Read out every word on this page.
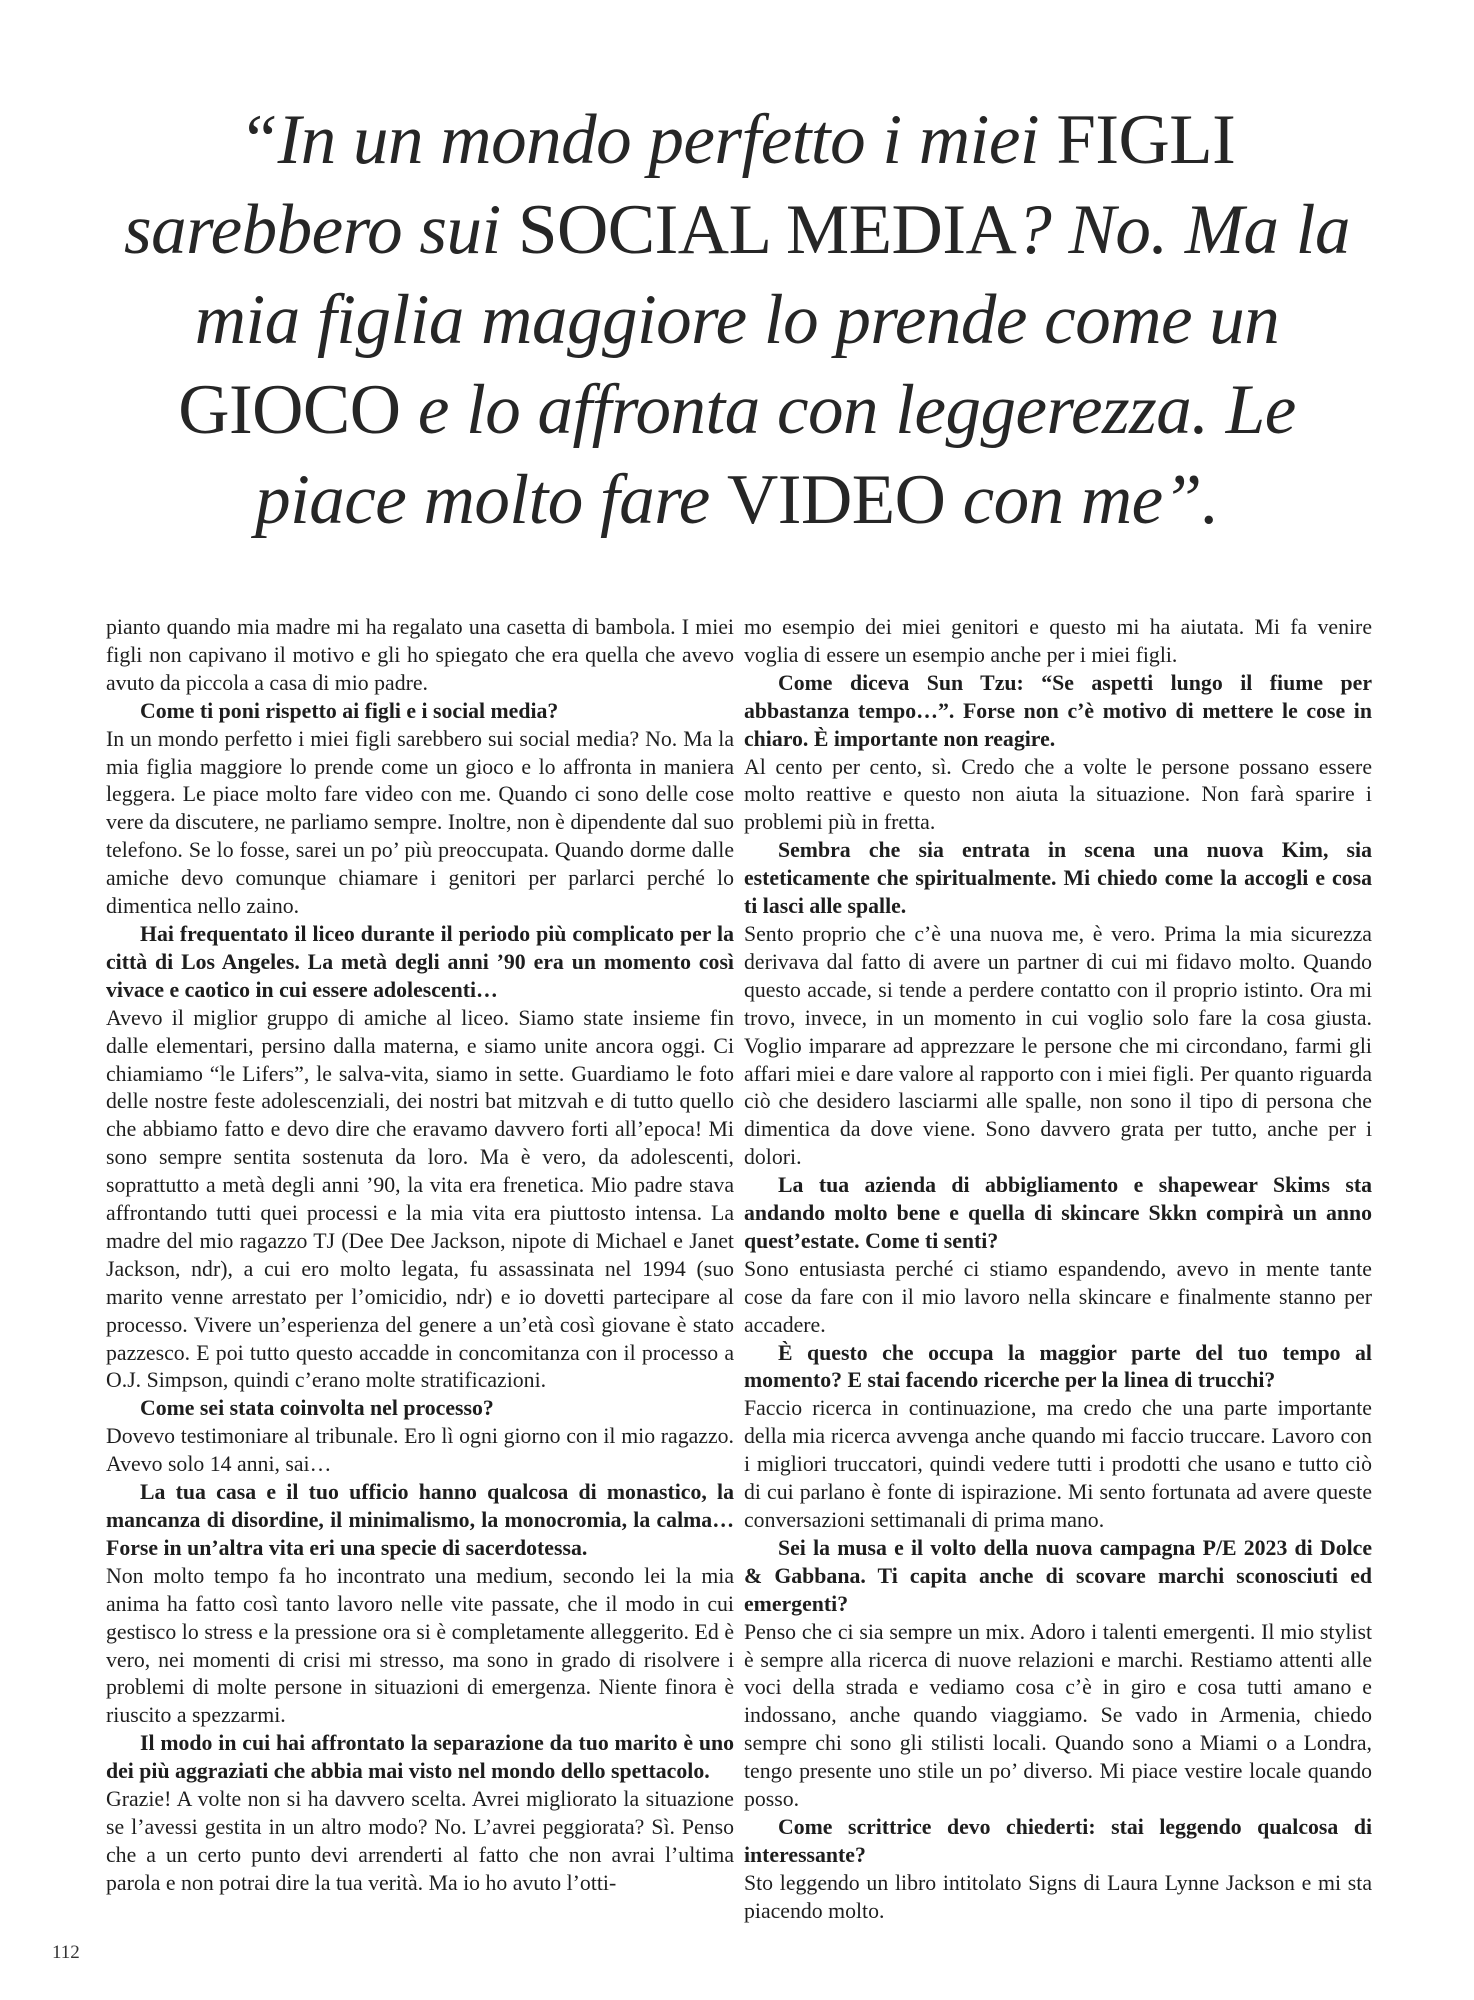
“In un mondo perfetto i miei FIGLI sarebbero sui SOCIAL MEDIA? No. Ma la mia figlia maggiore lo prende come un GIOCO e lo affronta con leggerezza. Le piace molto fare VIDEO con me”.

pianto quando mia madre mi ha regalato una casetta di bambola. I miei figli non capivano il motivo e gli ho spiegato che era quella che avevo avuto da piccola a casa di mio padre.

Come ti poni rispetto ai figli e i social media?

In un mondo perfetto i miei figli sarebbero sui social media? No. Ma la mia figlia maggiore lo prende come un gioco e lo affronta in maniera leggera. Le piace molto fare video con me. Quando ci sono delle cose vere da discutere, ne parliamo sempre. Inoltre, non è dipendente dal suo telefono. Se lo fosse, sarei un po’ più preoccupata. Quando dorme dalle amiche devo comunque chiamare i genitori per parlarci perché lo dimentica nello zaino.

Hai frequentato il liceo durante il periodo più complicato per la città di Los Angeles. La metà degli anni ’90 era un momento così vivace e caotico in cui essere adolescenti…

Avevo il miglior gruppo di amiche al liceo. Siamo state insieme fin dalle elementari, persino dalla materna, e siamo unite ancora oggi. Ci chiamiamo “le Lifers”, le salva-vita, siamo in sette. Guardiamo le foto delle nostre feste adolescenziali, dei nostri bat mitzvah e di tutto quello che abbiamo fatto e devo dire che eravamo davvero forti all’epoca! Mi sono sempre sentita sostenuta da loro. Ma è vero, da adolescenti, soprattutto a metà degli anni ’90, la vita era frenetica. Mio padre stava affrontando tutti quei processi e la mia vita era piuttosto intensa. La madre del mio ragazzo TJ (Dee Dee Jackson, nipote di Michael e Janet Jackson, ndr), a cui ero molto legata, fu assassinata nel 1994 (suo marito venne arrestato per l’omicidio, ndr) e io dovetti partecipare al processo. Vivere un’esperienza del genere a un’età così giovane è stato pazzesco. E poi tutto questo accadde in concomitanza con il processo a O.J. Simpson, quindi c’erano molte stratificazioni.

Come sei stata coinvolta nel processo?

Dovevo testimoniare al tribunale. Ero lì ogni giorno con il mio ragazzo. Avevo solo 14 anni, sai…

La tua casa e il tuo ufficio hanno qualcosa di monastico, la mancanza di disordine, il minimalismo, la monocromia, la calma… Forse in un’altra vita eri una specie di sacerdotessa.

Non molto tempo fa ho incontrato una medium, secondo lei la mia anima ha fatto così tanto lavoro nelle vite passate, che il modo in cui gestisco lo stress e la pressione ora si è completamente alleggerito. Ed è vero, nei momenti di crisi mi stresso, ma sono in grado di risolvere i problemi di molte persone in situazioni di emergenza. Niente finora è riuscito a spezzarmi.

Il modo in cui hai affrontato la separazione da tuo marito è uno dei più aggraziati che abbia mai visto nel mondo dello spettacolo.

Grazie! A volte non si ha davvero scelta. Avrei migliorato la situazione se l’avessi gestita in un altro modo? No. L’avrei peggiorata? Sì. Penso che a un certo punto devi arrenderti al fatto che non avrai l’ultima parola e non potrai dire la tua verità. Ma io ho avuto l’otti-

mo esempio dei miei genitori e questo mi ha aiutata. Mi fa venire voglia di essere un esempio anche per i miei figli.

Come diceva Sun Tzu: “Se aspetti lungo il fiume per abbastanza tempo…”. Forse non c’è motivo di mettere le cose in chiaro. È importante non reagire.

Al cento per cento, sì. Credo che a volte le persone possano essere molto reattive e questo non aiuta la situazione. Non farà sparire i problemi più in fretta.

Sembra che sia entrata in scena una nuova Kim, sia esteticamente che spiritualmente. Mi chiedo come la accogli e cosa ti lasci alle spalle.

Sento proprio che c’è una nuova me, è vero. Prima la mia sicurezza derivava dal fatto di avere un partner di cui mi fidavo molto. Quando questo accade, si tende a perdere contatto con il proprio istinto. Ora mi trovo, invece, in un momento in cui voglio solo fare la cosa giusta. Voglio imparare ad apprezzare le persone che mi circondano, farmi gli affari miei e dare valore al rapporto con i miei figli. Per quanto riguarda ciò che desidero lasciarmi alle spalle, non sono il tipo di persona che dimentica da dove viene. Sono davvero grata per tutto, anche per i dolori.

La tua azienda di abbigliamento e shapewear Skims sta andando molto bene e quella di skincare Skkn compirà un anno quest’estate. Come ti senti?

Sono entusiasta perché ci stiamo espandendo, avevo in mente tante cose da fare con il mio lavoro nella skincare e finalmente stanno per accadere.

È questo che occupa la maggior parte del tuo tempo al momento? E stai facendo ricerche per la linea di trucchi?

Faccio ricerca in continuazione, ma credo che una parte importante della mia ricerca avvenga anche quando mi faccio truccare. Lavoro con i migliori truccatori, quindi vedere tutti i prodotti che usano e tutto ciò di cui parlano è fonte di ispirazione. Mi sento fortunata ad avere queste conversazioni settimanali di prima mano.

Sei la musa e il volto della nuova campagna P/E 2023 di Dolce & Gabbana. Ti capita anche di scovare marchi sconosciuti ed emergenti?

Penso che ci sia sempre un mix. Adoro i talenti emergenti. Il mio stylist è sempre alla ricerca di nuove relazioni e marchi. Restiamo attenti alle voci della strada e vediamo cosa c’è in giro e cosa tutti amano e indossano, anche quando viaggiamo. Se vado in Armenia, chiedo sempre chi sono gli stilisti locali. Quando sono a Miami o a Londra, tengo presente uno stile un po’ diverso. Mi piace vestire locale quando posso.

Come scrittrice devo chiederti: stai leggendo qualcosa di interessante?

Sto leggendo un libro intitolato Signs di Laura Lynne Jackson e mi sta piacendo molto.

112
